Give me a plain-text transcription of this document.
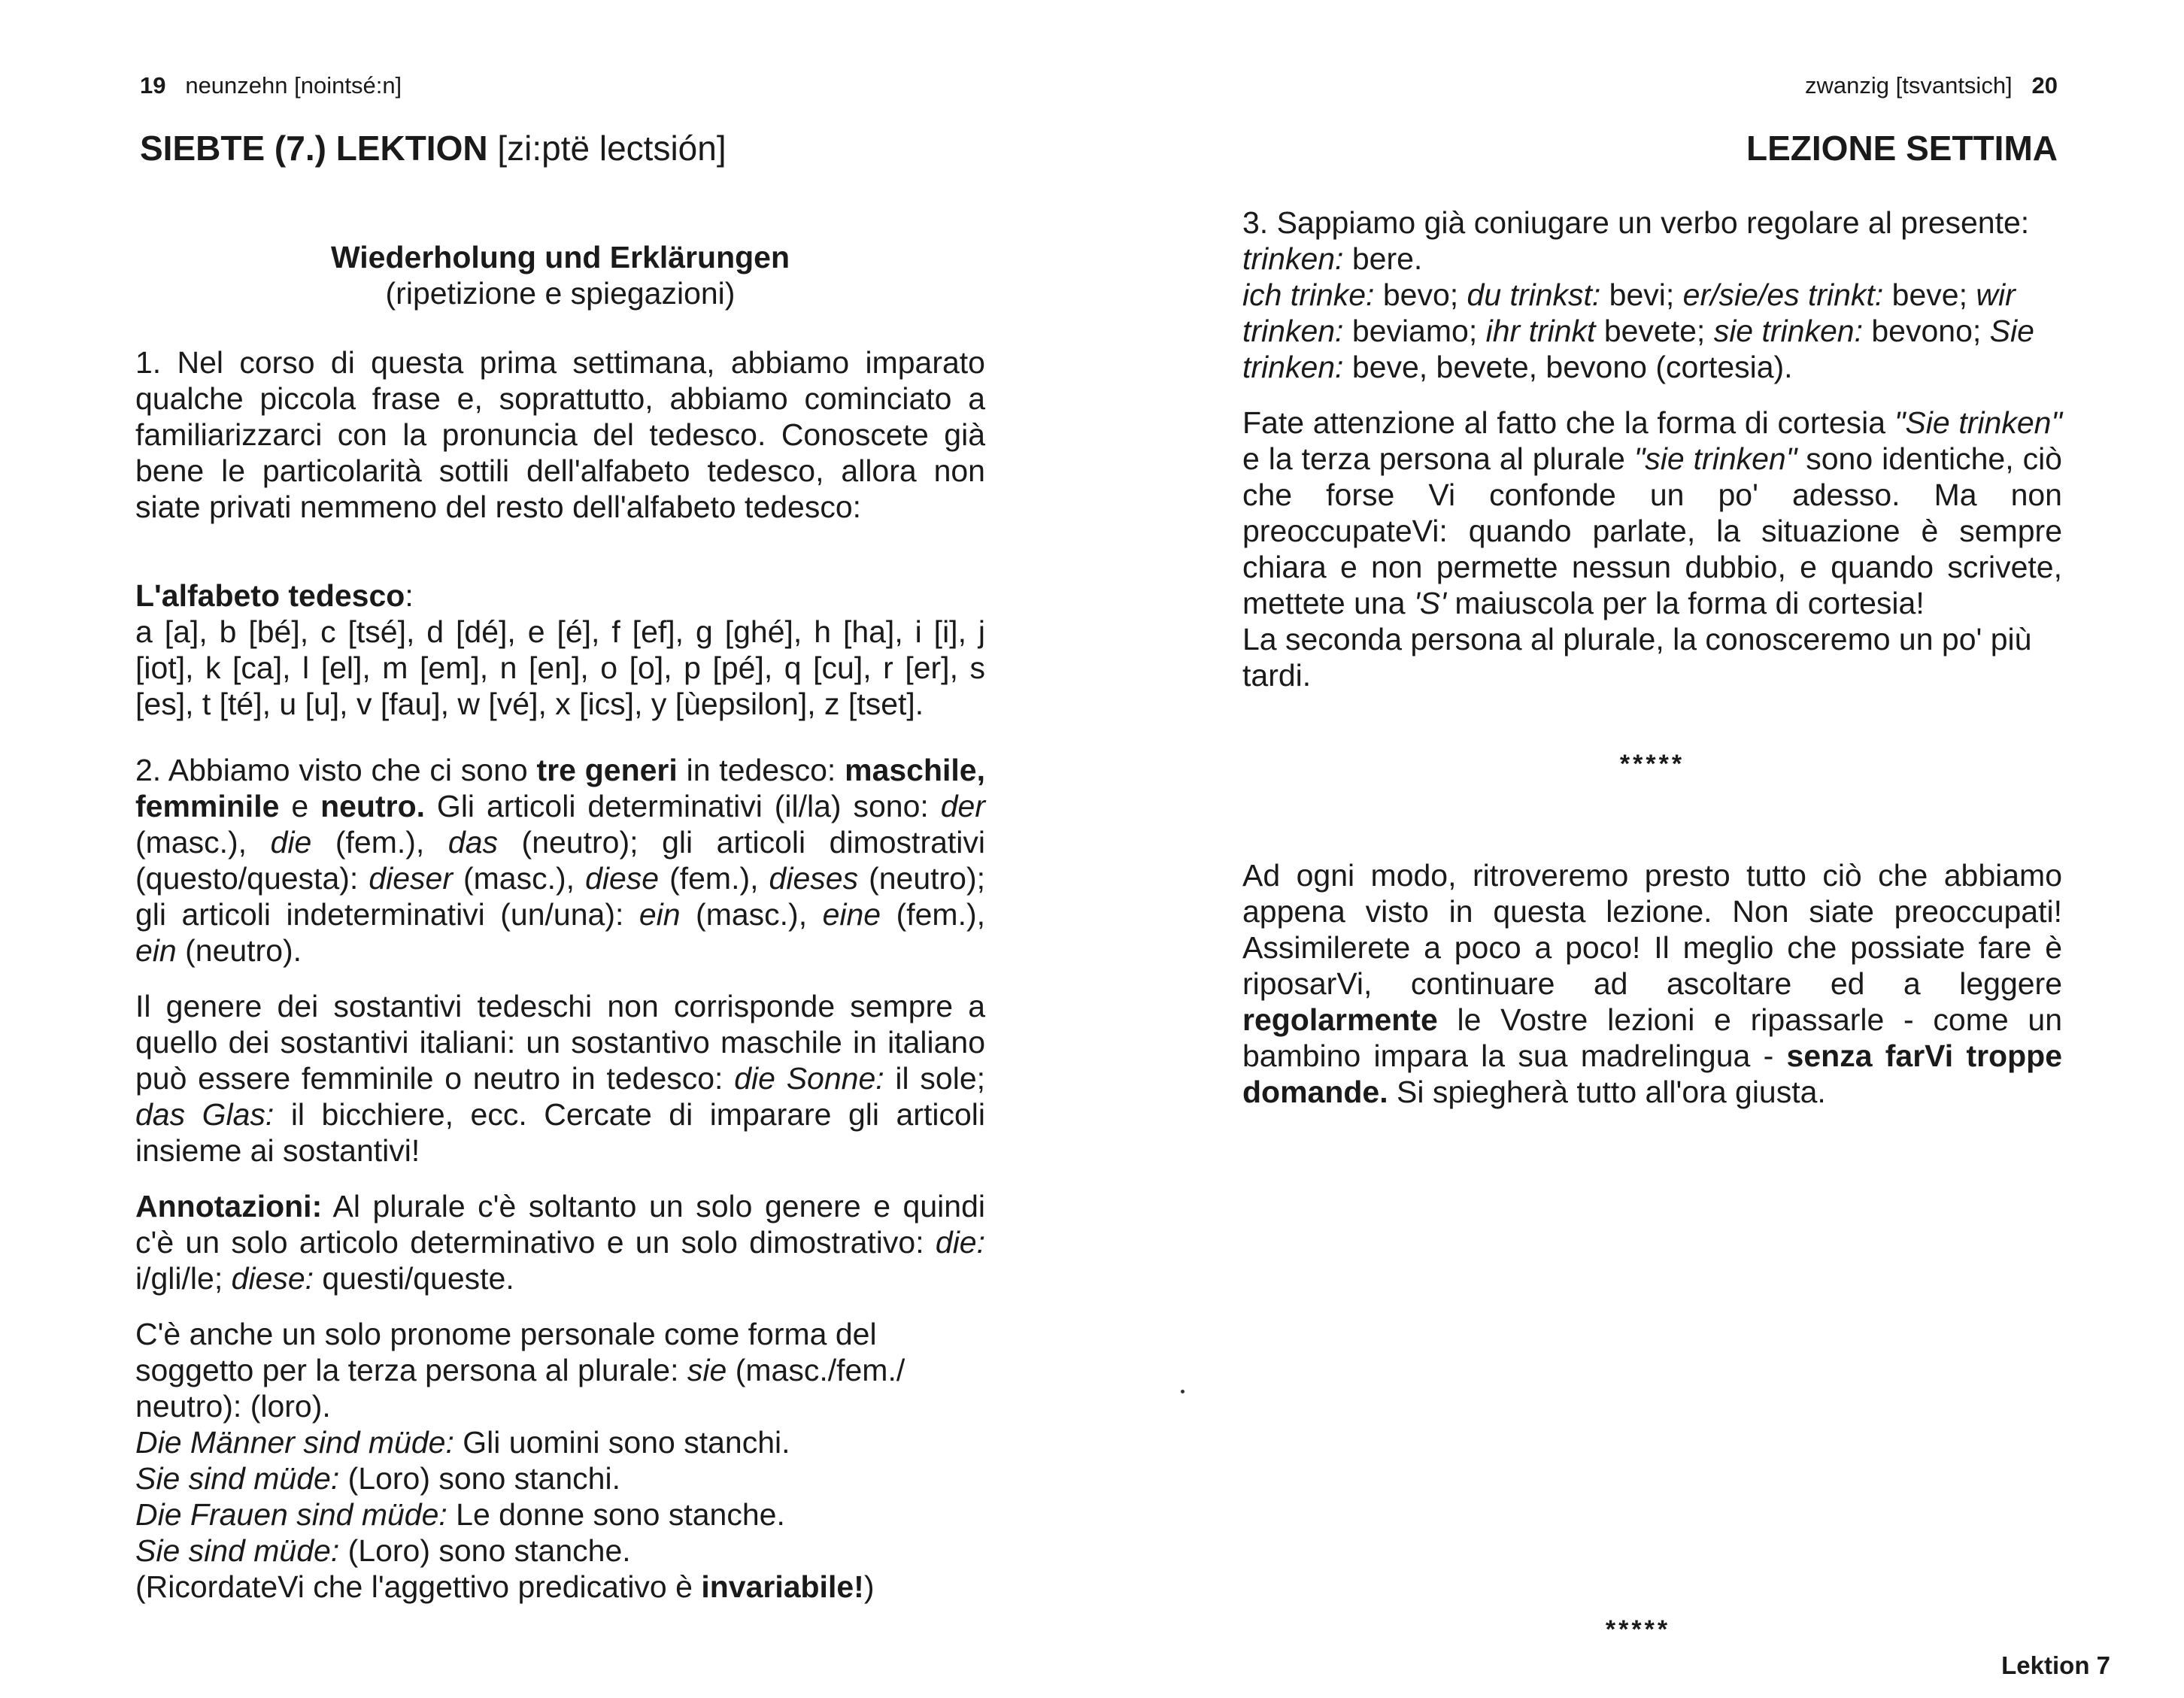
19 neunzehn [nointsé:n]
SIEBTE (7.) LEKTION [zi:ptë lectsión]
Wiederholung und Erklärungen
(ripetizione e spiegazioni)

1. Nel corso di questa prima settimana, abbiamo imparato qualche piccola frase e, soprattutto, abbiamo cominciato a familiarizzarci con la pronuncia del tedesco. Conoscete già bene le particolarità sottili dell'alfabeto tedesco, allora non siate privati nemmeno del resto dell'alfabeto tedesco:

L'alfabeto tedesco:

a [a], b [bé], c [tsé], d [dé], e [é], f [ef], g [ghé], h [ha], i [i], j [iot], k [ca], l [el], m [em], n [en], o [o], p [pé], q [cu], r [er], s [es], t [té], u [u], v [fau], w [vé], x [ics], y [ùepsilon], z [tset].

2. Abbiamo visto che ci sono tre generi in tedesco: maschile, femminile e neutro. Gli articoli determinativi (il/la) sono: der (masc.), die (fem.), das (neutro); gli articoli dimostrativi (questo/questa): dieser (masc.), diese (fem.), dieses (neutro); gli articoli indeterminativi (un/una): ein (masc.), eine (fem.), ein (neutro).

Il genere dei sostantivi tedeschi non corrisponde sempre a quello dei sostantivi italiani: un sostantivo maschile in italiano può essere femminile o neutro in tedesco: die Sonne: il sole; das Glas: il bicchiere, ecc. Cercate di imparare gli articoli insieme ai sostantivi!

Annotazioni: Al plurale c'è soltanto un solo genere e quindi c'è un solo articolo determinativo e un solo dimostrativo: die: i/gli/le; diese: questi/queste.

C'è anche un solo pronome personale come forma del soggetto per la terza persona al plurale: sie (masc./fem./ neutro): (loro).
Die Männer sind müde: Gli uomini sono stanchi.
Sie sind müde: (Loro) sono stanchi.
Die Frauen sind müde: Le donne sono stanche.
Sie sind müde: (Loro) sono stanche.
(RicordateVi che l'aggettivo predicativo è invariabile!)
zwanzig [tsvantsich] 20
LEZIONE SETTIMA

3. Sappiamo già coniugare un verbo regolare al presente: trinken: bere.
ich trinke: bevo; du trinkst: bevi; er/sie/es trinkt: beve; wir trinken: beviamo; ihr trinkt bevete; sie trinken: bevono; Sie trinken: beve, bevete, bevono (cortesia).

Fate attenzione al fatto che la forma di cortesia "Sie trinken" e la terza persona al plurale "sie trinken" sono identiche, ciò che forse Vi confonde un po' adesso. Ma non preoccupateVi: quando parlate, la situazione è sempre chiara e non permette nessun dubbio, e quando scrivete, mettete una 'S' maiuscola per la forma di cortesia!
La seconda persona al plurale, la conosceremo un po' più tardi.

*****

Ad ogni modo, ritroveremo presto tutto ciò che abbiamo appena visto in questa lezione. Non siate preoccupati! Assimilerete a poco a poco! Il meglio che possiate fare è riposarVi, continuare ad ascoltare ed a leggere regolarmente le Vostre lezioni e ripassarle - come un bambino impara la sua madrelingua - senza farVi troppe domande. Si spiegherà tutto all'ora giusta.

*****
Lektion 7
